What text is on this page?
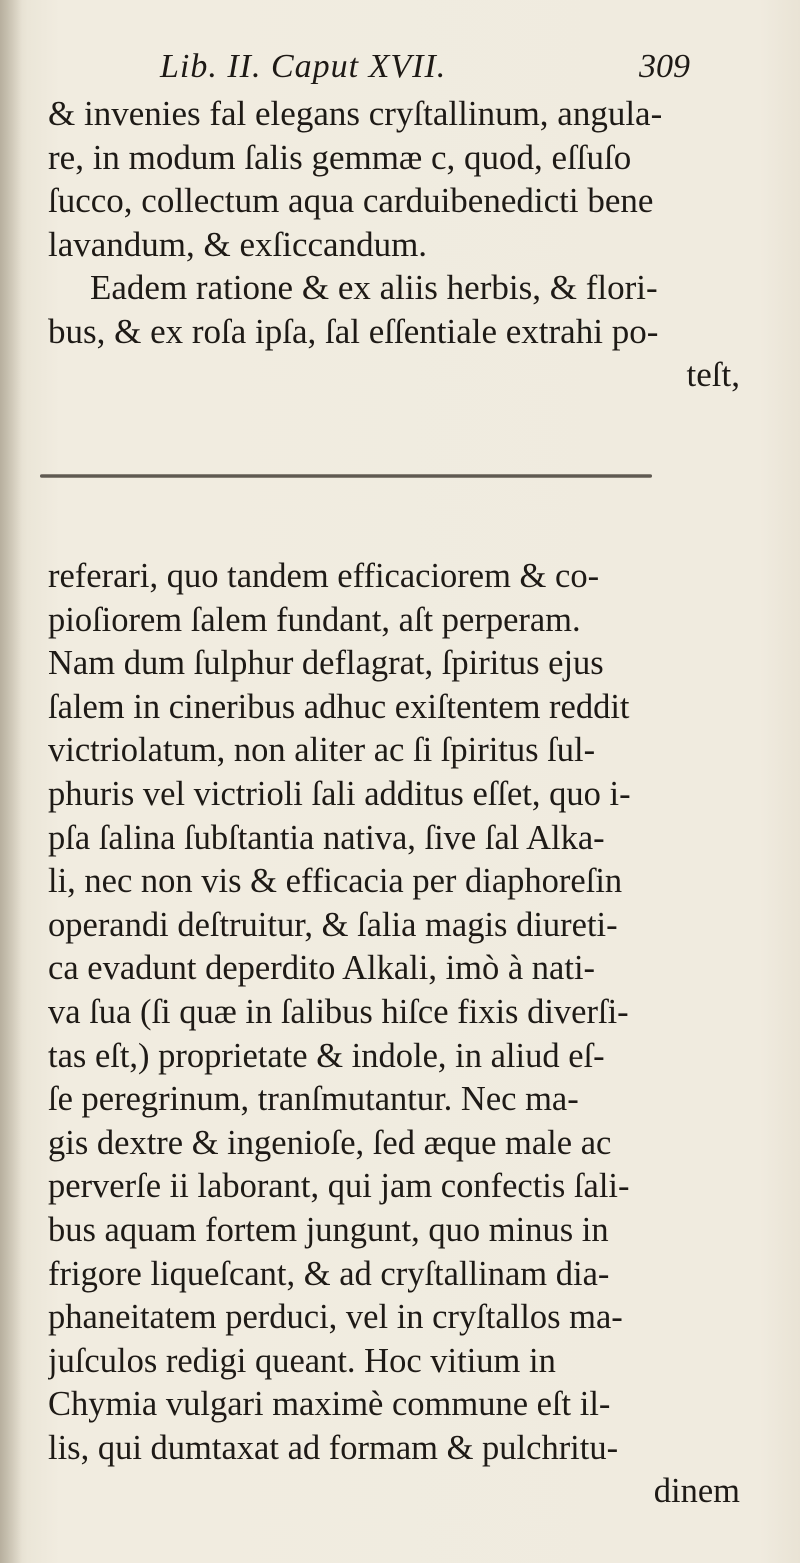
Lib. II. Caput XVII.	309
& invenies fal elegans cryſtallinum, angula-
re, in modum ſalis gemmæ c, quod, eſſuſo
ſucco, collectum aqua carduibenedicti bene
lavandum, & exſiccandum.
Eadem ratione & ex aliis herbis, & flori-
bus, & ex roſa ipſa, ſal eſſentiale extrahi po-
teſt,
referari, quo tandem efficaciorem & co-
pioſiorem ſalem fundant, aſt perperam.
Nam dum ſulphur deflagrat, ſpiritus ejus
ſalem in cineribus adhuc exiſtentem reddit
victriolatum, non aliter ac ſi ſpiritus ſul-
phuris vel victrioli ſali additus eſſet, quo i-
pſa ſalina ſubſtantia nativa, ſive ſal Alka-
li, nec non vis & efficacia per diaphoreſin
operandi deſtruitur, & ſalia magis diureti-
ca evadunt deperdito Alkali, imò à nati-
va ſua (ſi quæ in ſalibus hiſce fixis diverſi-
tas eſt,) proprietate & indole, in aliud eſ-
ſe peregrinum, tranſmutantur. Nec ma-
gis dextre & ingenioſe, ſed æque male ac
perverſe ii laborant, qui jam confectis ſali-
bus aquam fortem jungunt, quo minus in
frigore liqueſcant, & ad cryſtallinam dia-
phaneitatem perduci, vel in cryſtallos ma-
juſculos redigi queant. Hoc vitium in
Chymia vulgari maximè commune eſt il-
lis, qui dumtaxat ad formam & pulchritu-
dinem
